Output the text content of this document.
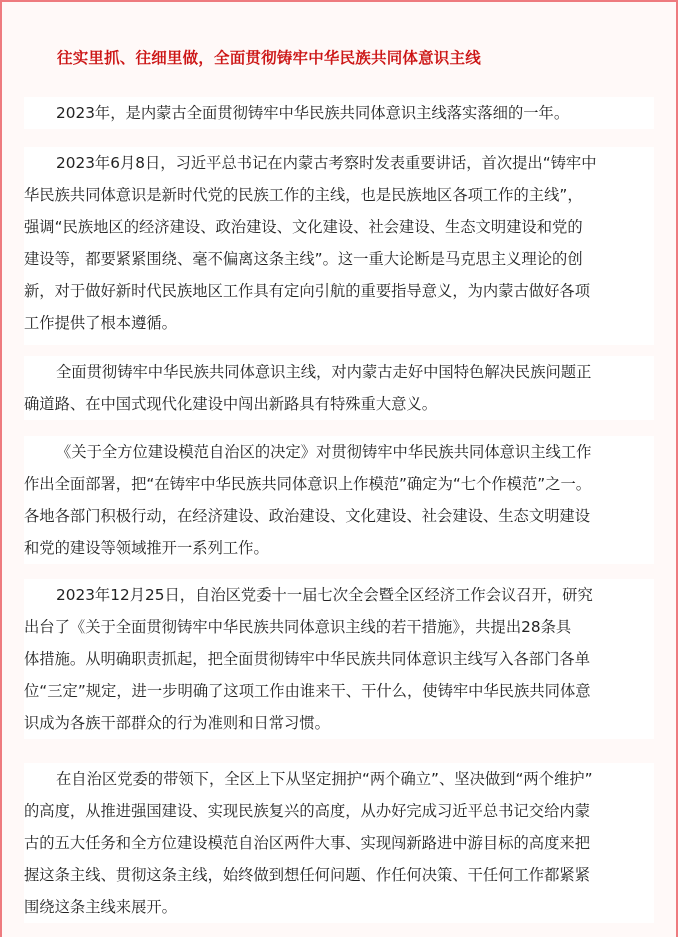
往实里抓、往细里做，全面贯彻铸牢中华民族共同体意识主线
2023年，是内蒙古全面贯彻铸牢中华民族共同体意识主线落实落细的一年。
2023年6月8日，习近平总书记在内蒙古考察时发表重要讲话，首次提出“铸牢中
华民族共同体意识是新时代党的民族工作的主线，也是民族地区各项工作的主线”，
强调“民族地区的经济建设、政治建设、文化建设、社会建设、生态文明建设和党的
建设等，都要紧紧围绕、毫不偏离这条主线”。这一重大论断是马克思主义理论的创
新，对于做好新时代民族地区工作具有定向引航的重要指导意义，为内蒙古做好各项
工作提供了根本遵循。
全面贯彻铸牢中华民族共同体意识主线，对内蒙古走好中国特色解决民族问题正
确道路、在中国式现代化建设中闯出新路具有特殊重大意义。
《关于全方位建设模范自治区的决定》对贯彻铸牢中华民族共同体意识主线工作
作出全面部署，把“在铸牢中华民族共同体意识上作模范”确定为“七个作模范”之一。
各地各部门积极行动，在经济建设、政治建设、文化建设、社会建设、生态文明建设
和党的建设等领域推开一系列工作。
2023年12月25日，自治区党委十一届七次全会暨全区经济工作会议召开，研究
出台了《关于全面贯彻铸牢中华民族共同体意识主线的若干措施》，共提出28条具
体措施。从明确职责抓起，把全面贯彻铸牢中华民族共同体意识主线写入各部门各单
位“三定”规定，进一步明确了这项工作由谁来干、干什么，使铸牢中华民族共同体意
识成为各族干部群众的行为准则和日常习惯。
在自治区党委的带领下，全区上下从坚定拥护“两个确立”、坚决做到“两个维护”
的高度，从推进强国建设、实现民族复兴的高度，从办好完成习近平总书记交给内蒙
古的五大任务和全方位建设模范自治区两件大事、实现闯新路进中游目标的高度来把
握这条主线、贯彻这条主线，始终做到想任何问题、作任何决策、干任何工作都紧紧
围绕这条主线来展开。
